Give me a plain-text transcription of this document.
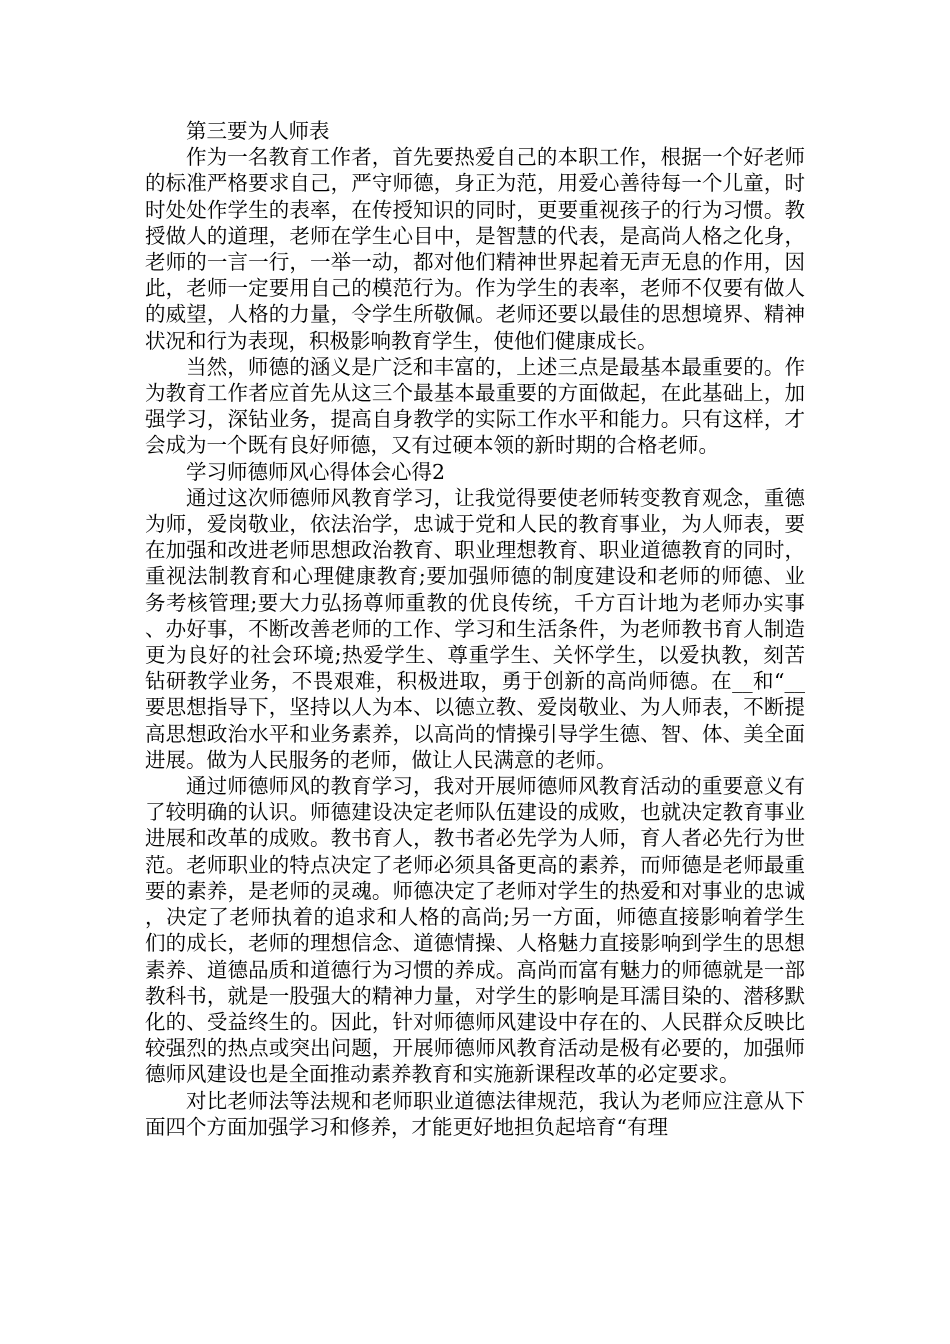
第三要为人师表

作为一名教育工作者，首先要热爱自己的本职工作，根据一个好老师的标准严格要求自己，严守师德，身正为范，用爱心善待每一个儿童，时时处处作学生的表率，在传授知识的同时，更要重视孩子的行为习惯。教授做人的道理，老师在学生心目中，是智慧的代表，是高尚人格之化身，老师的一言一行，一举一动，都对他们精神世界起着无声无息的作用，因此，老师一定要用自己的模范行为。作为学生的表率，老师不仅要有做人的威望，人格的力量，令学生所敬佩。老师还要以最佳的思想境界、精神状况和行为表现，积极影响教育学生，使他们健康成长。

当然，师德的涵义是广泛和丰富的，上述三点是最基本最重要的。作为教育工作者应首先从这三个最基本最重要的方面做起，在此基础上，加强学习，深钻业务，提高自身教学的实际工作水平和能力。只有这样，才会成为一个既有良好师德，又有过硬本领的新时期的合格老师。

学习师德师风心得体会心得2

通过这次师德师风教育学习，让我觉得要使老师转变教育观念，重德为师，爱岗敬业，依法治学，忠诚于党和人民的教育事业，为人师表，要在加强和改进老师思想政治教育、职业理想教育、职业道德教育的同时，重视法制教育和心理健康教育;要加强师德的制度建设和老师的师德、业务考核管理;要大力弘扬尊师重教的优良传统，千方百计地为老师办实事、办好事，不断改善老师的工作、学习和生活条件，为老师教书育人制造更为良好的社会环境;热爱学生、尊重学生、关怀学生，以爱执教，刻苦钻研教学业务，不畏艰难，积极进取，勇于创新的高尚师德。在__和“__要思想指导下，坚持以人为本、以德立教、爱岗敬业、为人师表，不断提高思想政治水平和业务素养，以高尚的情操引导学生德、智、体、美全面进展。做为人民服务的老师，做让人民满意的老师。

通过师德师风的教育学习，我对开展师德师风教育活动的重要意义有了较明确的认识。师德建设决定老师队伍建设的成败，也就决定教育事业进展和改革的成败。教书育人，教书者必先学为人师，育人者必先行为世范。老师职业的特点决定了老师必须具备更高的素养，而师德是老师最重要的素养，是老师的灵魂。师德决定了老师对学生的热爱和对事业的忠诚，决定了老师执着的追求和人格的高尚;另一方面，师德直接影响着学生们的成长，老师的理想信念、道德情操、人格魅力直接影响到学生的思想素养、道德品质和道德行为习惯的养成。高尚而富有魅力的师德就是一部教科书，就是一股强大的精神力量，对学生的影响是耳濡目染的、潜移默化的、受益终生的。因此，针对师德师风建设中存在的、人民群众反映比较强烈的热点或突出问题，开展师德师风教育活动是极有必要的，加强师德师风建设也是全面推动素养教育和实施新课程改革的必定要求。

对比老师法等法规和老师职业道德法律规范，我认为老师应注意从下面四个方面加强学习和修养，才能更好地担负起培育“有理
